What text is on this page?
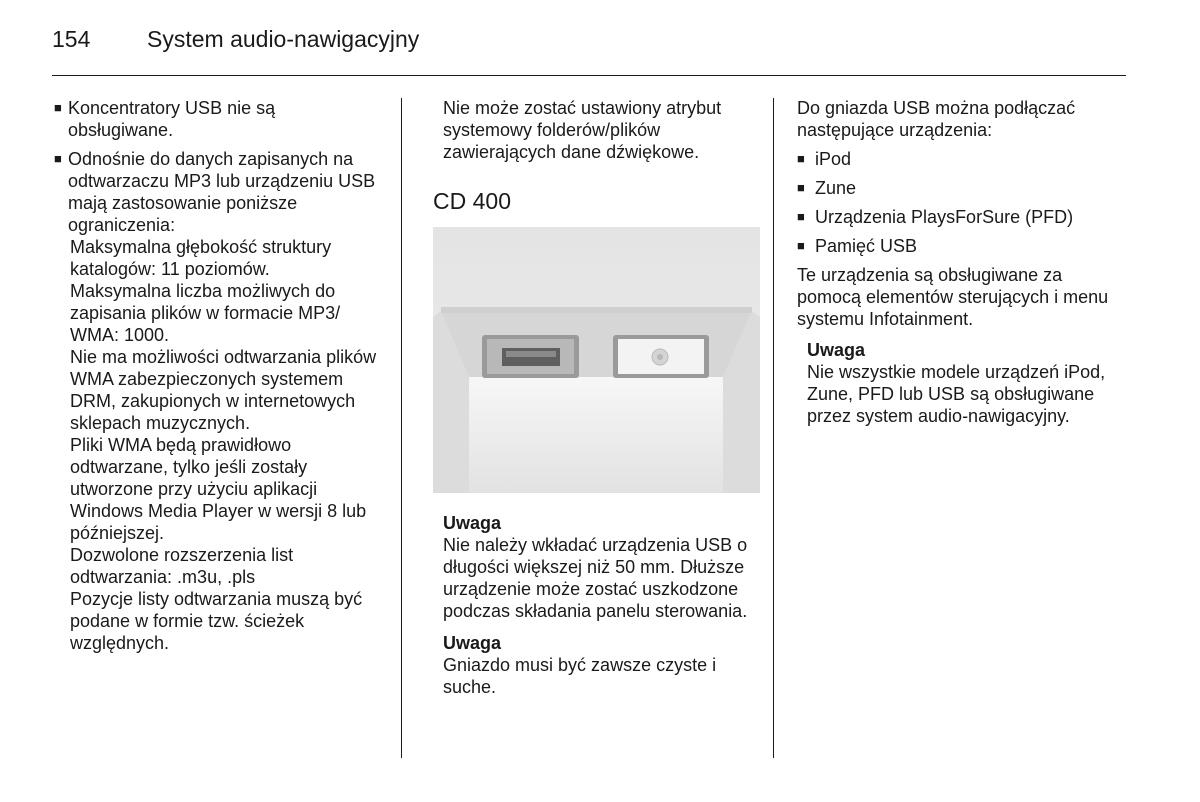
154	System audio-nawigacyjny
■ Koncentratory USB nie są obsługiwane.
■ Odnośnie do danych zapisanych na odtwarzaczu MP3 lub urządzeniu USB mają zastosowanie poniższe ograniczenia:

Maksymalna głębokość struktury katalogów: 11 poziomów.

Maksymalna liczba możliwych do zapisania plików w formacie MP3/ WMA: 1000.

Nie ma możliwości odtwarzania plików WMA zabezpieczonych systemem DRM, zakupionych w internetowych sklepach muzycznych.

Pliki WMA będą prawidłowo odtwarzane, tylko jeśli zostały utworzone przy użyciu aplikacji Windows Media Player w wersji 8 lub późniejszej.

Dozwolone rozszerzenia list odtwarzania: .m3u, .pls

Pozycje listy odtwarzania muszą być podane w formie tzw. ścieżek względnych.

Nie może zostać ustawiony atrybut systemowy folderów/plików zawierających dane dźwiękowe.

CD 400
Uwaga

Nie należy wkładać urządzenia USB o długości większej niż 50 mm. Dłuższe urządzenie może zostać uszkodzone podczas składania panelu sterowania.

Uwaga

Gniazdo musi być zawsze czyste i suche.

Do gniazda USB można podłączać następujące urządzenia:

■ iPod
■ Zune
■ Urządzenia PlaysForSure (PFD)
■ Pamięć USB

Te urządzenia są obsługiwane za pomocą elementów sterujących i menu systemu Infotainment.

Uwaga

Nie wszystkie modele urządzeń iPod, Zune, PFD lub USB są obsługiwane przez system audio-nawigacyjny.
